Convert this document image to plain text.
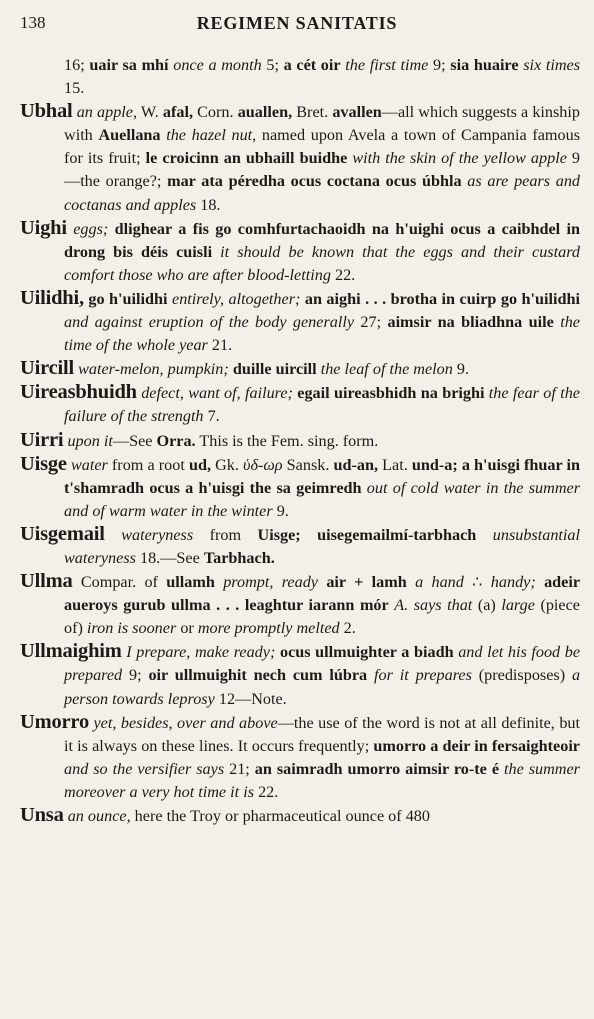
138	REGIMEN SANITATIS

16; uair sa mhí once a month 5; a cét oir the first time 9; sia huaire six times 15.

Ubhal an apple, W. afal, Corn. auallen, Bret. avallen—all which suggests a kinship with Auellana the hazel nut, named upon Avela a town of Campania famous for its fruit; le croicinn an ubhaill buidhe with the skin of the yellow apple 9—the orange?; mar ata péredha ocus coctana ocus úbhla as are pears and coctanas and apples 18.

Uighi eggs; dlighear a fis go comhfurtachaoidh na h'uighi ocus a caibhdel in drong bis déis cuisli it should be known that the eggs and their custard comfort those who are after blood-letting 22.

Uilidhi, go h'uilidhi entirely, altogether; an aighi . . . brotha in cuirp go h'uilidhi and against eruption of the body generally 27; aimsir na bliadhna uile the time of the whole year 21.

Uircill water-melon, pumpkin; duille uircill the leaf of the melon 9.

Uireasbhuidh defect, want of, failure; egail uireasbhidh na brighi the fear of the failure of the strength 7.

Uirri upon it—See Orra. This is the Fem. sing. form.

Uisge water from a root ud, Gk. ὑδ-ωρ Sansk. ud-an, Lat. und-a; a h'uisgi fhuar in t'shamradh ocus a h'uisgi the sa geimredh out of cold water in the summer and of warm water in the winter 9.

Uisgemail wateryness from Uisge; uisegemailmí-tarbhach unsubstantial wateryness 18.—See Tarbhach.

Ullma Compar. of ullamh prompt, ready air + lamh a hand ∴ handy; adeir aueroys gurub ullma . . . leaghtur iarann mór A. says that (a) large (piece of) iron is sooner or more promptly melted 2.

Ullmaighim I prepare, make ready; ocus ullmuighter a biadh and let his food be prepared 9; oir ullmuighit nech cum lúbra for it prepares (predisposes) a person towards leprosy 12—Note.

Umorro yet, besides, over and above—the use of the word is not at all definite, but it is always on these lines. It occurs frequently; umorro a deir in fersaighteoir and so the versifier says 21; an saimradh umorro aimsir ro-te é the summer moreover a very hot time it is 22.

Unsa an ounce, here the Troy or pharmaceutical ounce of 480
